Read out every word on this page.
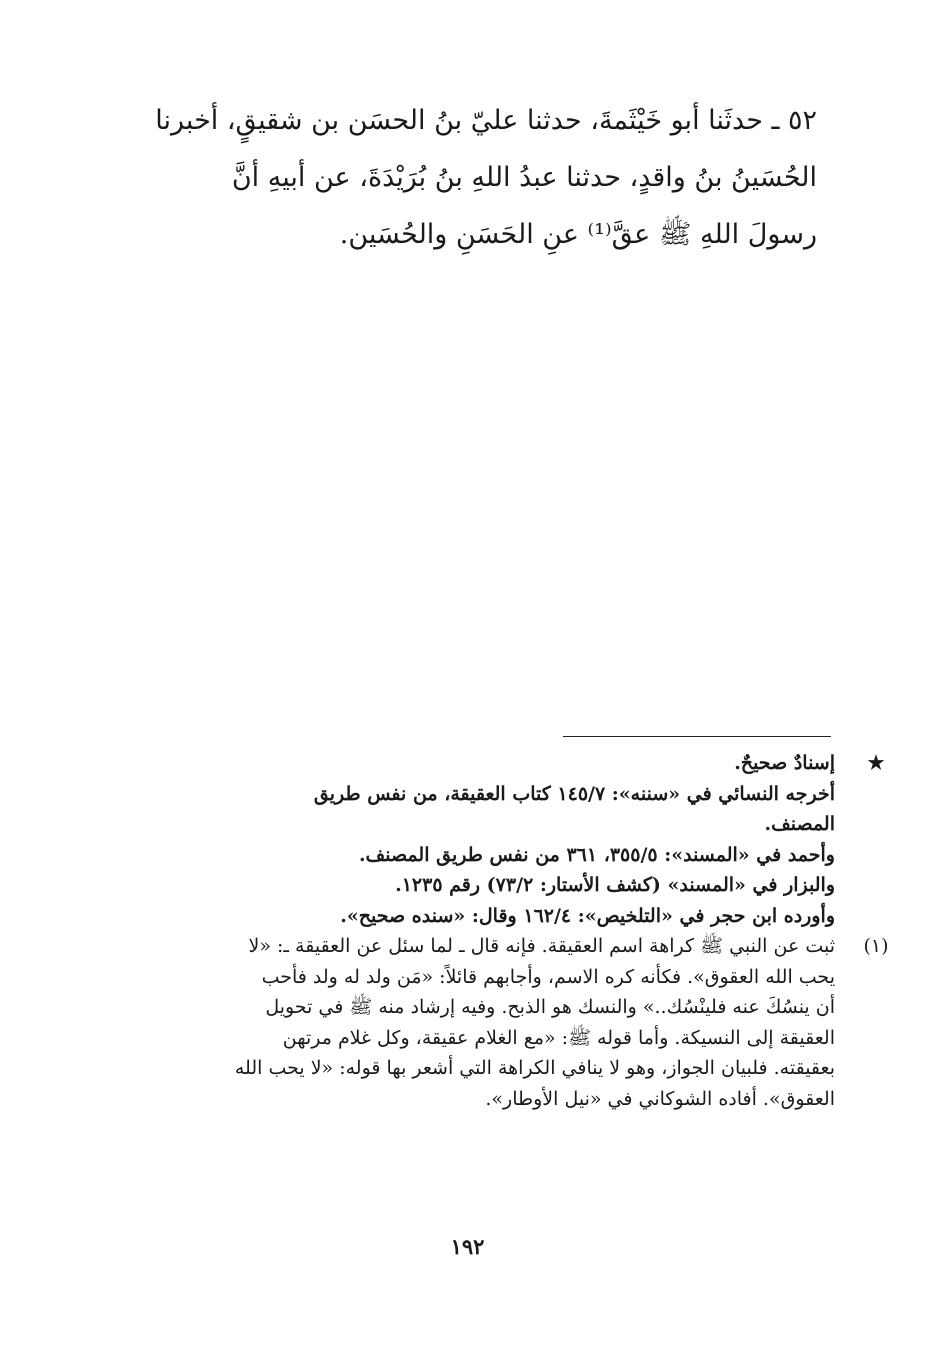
٥٢ ـ حدثَنا أبو خَيْثَمةَ، حدثنا عليّ بنُ الحسَن بن شقيقٍ، أخبرنا
الحُسَينُ بنُ واقدٍ، حدثنا عبدُ اللهِ بنُ بُرَيْدَةَ، عن أبيهِ أنَّ
رسولَ اللهِ ﷺ عقَّ⁽¹⁾ عنِ الحَسَنِ والحُسَين.
★
إسنادٌ صحيحٌ.
أخرجه النسائي في «سننه»: ١٤٥/٧ كتاب العقيقة، من نفس طريق
المصنف.
وأحمد في «المسند»: ٣٥٥/٥، ٣٦١ من نفس طريق المصنف.
والبزار في «المسند» (كشف الأستار: ٧٣/٢) رقم ١٢٣٥.
وأورده ابن حجر في «التلخيص»: ١٦٢/٤ وقال: «سنده صحيح».
(١)
ثبت عن النبي ﷺ كراهة اسم العقيقة. فإنه قال ـ لما سئل عن العقيقة ـ: «لا
يحب الله العقوق». فكأنه كره الاسم، وأجابهم قائلاً: «مَن ولد له ولد فأحب
أن ينسُكَ عنه فلينْسُك..» والنسك هو الذبح. وفيه إرشاد منه ﷺ في تحويل
العقيقة إلى النسيكة. وأما قوله ﷺ: «مع الغلام عقيقة، وكل غلام مرتهن
بعقيقته. فلبيان الجواز، وهو لا ينافي الكراهة التي أشعر بها قوله: «لا يحب الله
العقوق». أفاده الشوكاني في «نيل الأوطار».
١٩٢
